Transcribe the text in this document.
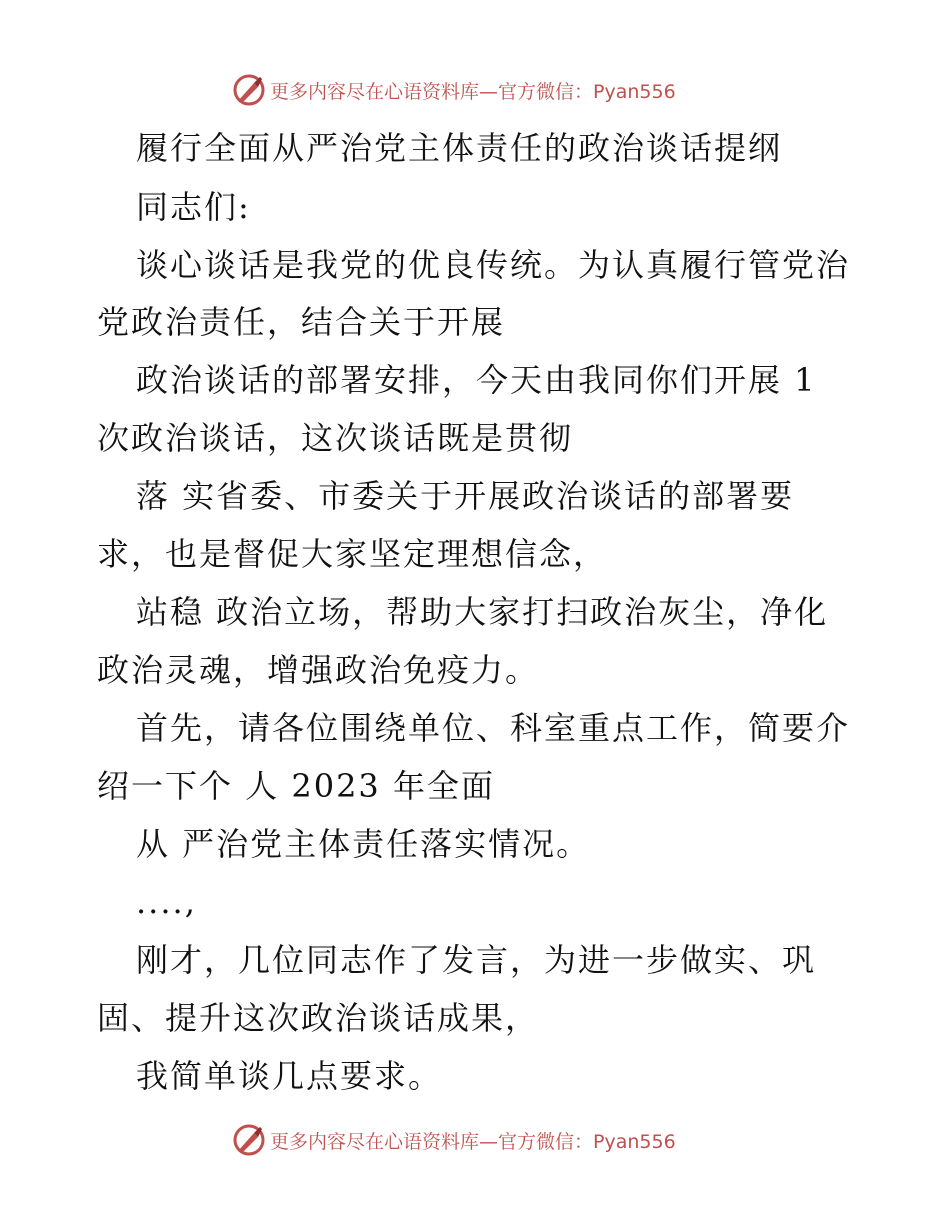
更多内容尽在心语资料库—官方微信：Pyan556
履行全面从严治党主体责任的政治谈话提纲
同志们:
谈心谈话是我党的优良传统。为认真履行管党治
党政治责任，结合关于开展
政治谈话的部署安排，今天由我同你们开展 1
次政治谈话，这次谈话既是贯彻
落 实省委、市委关于开展政治谈话的部署要
求，也是督促大家坚定理想信念，
站稳 政治立场，帮助大家打扫政治灰尘，净化
政治灵魂，增强政治免疫力。
首先，请各位围绕单位、科室重点工作，简要介
绍一下个 人 2023 年全面
从 严治党主体责任落实情况。
....,
刚才，几位同志作了发言，为进一步做实、巩
固、提升这次政治谈话成果，
我简单谈几点要求。
更多内容尽在心语资料库—官方微信：Pyan556
